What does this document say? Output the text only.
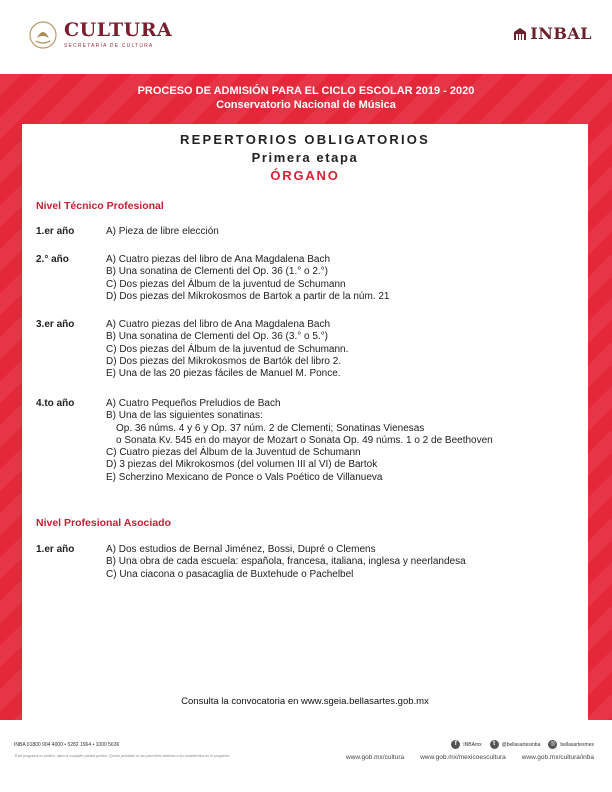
CULTURA
SECRETARÍA DE CULTURA
INBAL
PROCESO DE ADMISIÓN PARA EL CICLO ESCOLAR 2019 - 2020
Conservatorio Nacional de Música
REPERTORIOS OBLIGATORIOS
Primera etapa
ÓRGANO
Nivel Técnico Profesional
1.er año	A) Pieza de libre elección
2.° año	A) Cuatro piezas del libro de Ana Magdalena Bach
B) Una sonatina de Clementi del Op. 36 (1.° o 2.°)
C) Dos piezas del Álbum de la juventud de Schumann
D) Dos piezas del Mikrokosmos de Bartok a partir de la núm. 21
3.er año	A) Cuatro piezas del libro de Ana Magdalena Bach
B) Una sonatina de Clementi del Op. 36 (3.° o 5.°)
C) Dos piezas del Álbum de la juventud de Schumann.
D) Dos piezas del Mikrokosmos de Bartók del libro 2.
E) Una de las 20 piezas fáciles de Manuel M. Ponce.
4.to año	A) Cuatro Pequeños Preludios de Bach
B) Una de las siguientes sonatinas:
Op. 36 núms. 4 y 6 y Op. 37 núm. 2 de Clementi; Sonatinas Vienesas
o Sonata Kv. 545 en do mayor de Mozart o Sonata Op. 49 núms. 1 o 2 de Beethoven
C) Cuatro piezas del Álbum de la Juventud de Schumann
D) 3 piezas del Mikrokosmos (del volumen III al VI) de Bartok
E) Scherzino Mexicano de Ponce o Vals Poético de Villanueva
Nivel Profesional Asociado
1.er año	A) Dos estudios de Bernal Jiménez, Bossi, Dupré o Clemens
B) Una obra de cada escuela: española, francesa, italiana, inglesa y neerlandesa
C) Una ciacona o pasacaglia de Buxtehude o Pachelbel
Consulta la convocatoria en www.sgeia.bellasartes.gob.mx
INBA 01800 904 4000 • 5282 1964 • 1000 5636
"Este programa es público, ajeno a cualquier partido político. Queda prohibido el uso para fines distintos a los establecidos en el programa"
f	INBAmx	t	@bellasartesinba	◎ bellasartesmex
www.gob.mx/cultura www.gob.mx/mexicoescultura www.gob.mx/cultura/inba
